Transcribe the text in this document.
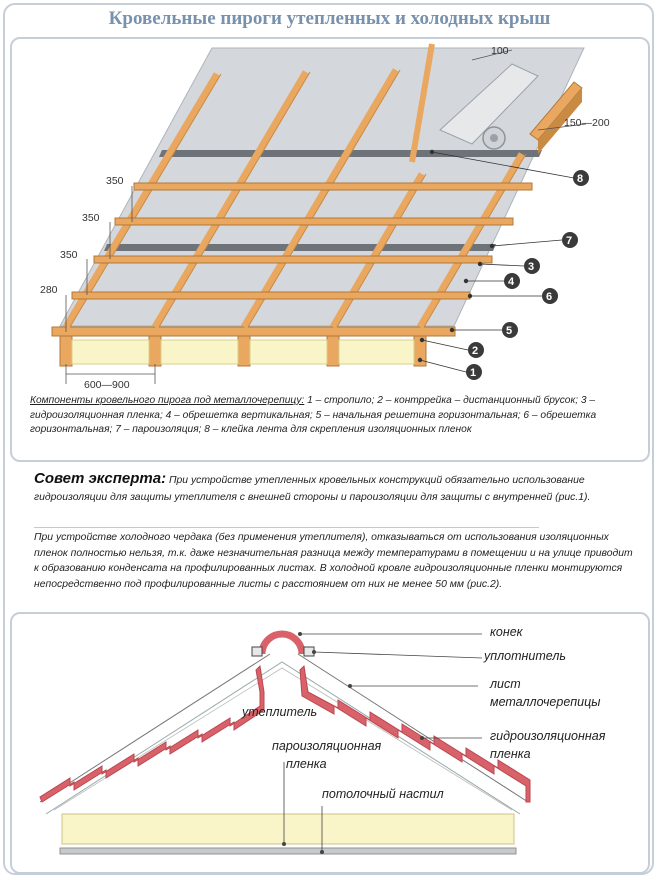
Кровельные пироги утепленных и холодных крыш
350
350
350
280
600—900
100
150—200
8
7
3
4
6
5
2
1
Компоненты кровельного пирога под металлочерепицу: 1 – стропило; 2 – контррейка – дистанционный брусок; 3 – гидроизоляционная пленка; 4 – обрешетка вертикальная; 5 – начальная решетина горизонтальная; 6 – обрешетка горизонтальная; 7 – пароизоляция; 8 – клейка лента для скрепления изоляционных пленок
Совет эксперта: При устройстве утепленных кровельных конструкций обязательно использование гидроизоляции для защиты утеплителя с внешней стороны и пароизоляции для защиты с внутренней (рис.1).
При устройстве холодного чердака (без применения утеплителя), отказываться от использования изоляционных пленок полностью нельзя, т.к. даже незначительная разница между температурами в помещении и на улице приводит к образованию конденсата на профилированных листах. В холодной кровле гидроизоляционные пленки монтируются непосредственно под профилированные листы с расстоянием от них не менее 50 мм (рис.2).
конек
уплотнитель
лист
металлочерепицы
гидроизоляционная
пленка
утеплитель
пароизоляционная
пленка
потолочный настил
